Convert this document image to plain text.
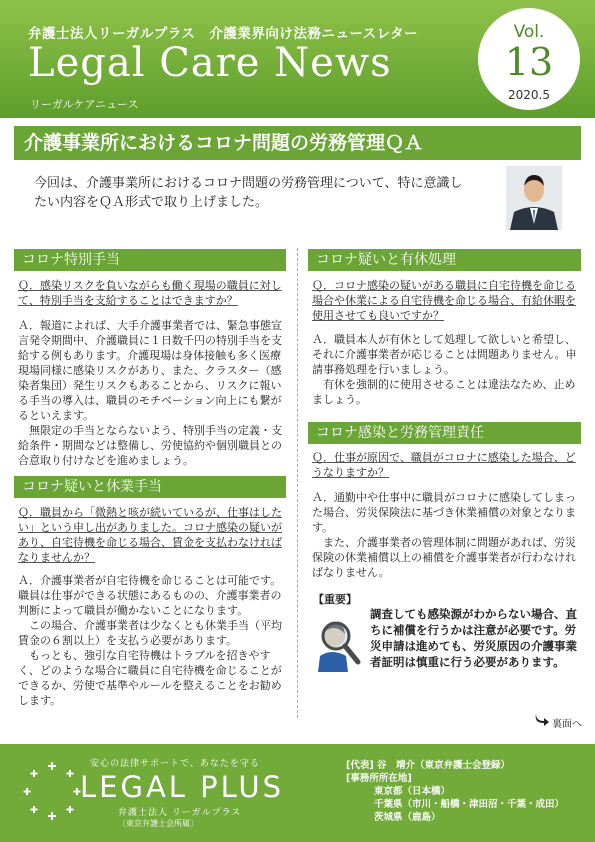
弁護士法人リーガルプラス　介護業界向け法務ニュースレター
Legal Care News
リーガルケアニュース
Vol.
13
2020.5
介護事業所におけるコロナ問題の労務管理ＱＡ
今回は、介護事業所におけるコロナ問題の労務管理について、特に意識したい内容をＱＡ形式で取り上げました。
コロナ特別手当
Ｑ．感染リスクを負いながらも働く現場の職員に対して、特別手当を支給することはできますか？

Ａ．報道によれば、大手介護事業者では、緊急事態宣言発令期間中、介護職員に１日数千円の特別手当を支給する例もあります。介護現場は身体接触も多く医療現場同様に感染リスクがあり、また、クラスター（感染者集団）発生リスクもあることから、リスクに報いる手当の導入は、職員のモチベーション向上にも繋がるといえます。

　無限定の手当とならないよう、特別手当の定義・支給条件・期間などは整備し、労使協約や個別職員との合意取り付けなどを進めましょう。

コロナ疑いと休業手当
Ｑ．職員から「微熱と咳が続いているが、仕事はしたい」という申し出がありました。コロナ感染の疑いがあり、自宅待機を命じる場合、賃金を支払わなければなりませんか？

Ａ．介護事業者が自宅待機を命じることは可能です。職員は仕事ができる状態にあるものの、介護事業者の判断によって職員が働かないことになります。

　この場合、介護事業者は少なくとも休業手当（平均賃金の６割以上）を支払う必要があります。

　もっとも、強引な自宅待機はトラブルを招きやすく、どのような場合に職員に自宅待機を命じることができるか、労使で基準やルールを整えることをお勧めします。

コロナ疑いと有休処理
Ｑ．コロナ感染の疑いがある職員に自宅待機を命じる場合や休業による自宅待機を命じる場合、有給休暇を使用させても良いですか？

Ａ．職員本人が有休として処理して欲しいと希望し、それに介護事業者が応じることは問題ありません。申請事務処理を行いましょう。

　有休を強制的に使用させることは違法なため、止めましょう。

コロナ感染と労務管理責任
Ｑ．仕事が原因で、職員がコロナに感染した場合、どうなりますか？

Ａ．通勤中や仕事中に職員がコロナに感染してしまった場合、労災保険法に基づき休業補償の対象となります。

　また、介護事業者の管理体制に問題があれば、労災保険の休業補償以上の補償を介護事業者が行わなければなりません。

【重要】
調査しても感染源がわからない場合、直ちに補償を行うかは注意が必要です。労災申請は進めても、労災原因の介護事業者証明は慎重に行う必要があります。
裏面へ
安心の法律サポートで、あなたを守る
LEGAL PLUS
弁護士法人 リーガルプラス
〔東京弁護士会所属〕
[代表] 谷　靖介（東京弁護士会登録）
[事務所所在地]
東京都（日本橋）
千葉県（市川・船橋・津田沼・千葉・成田）
茨城県（鹿島）
